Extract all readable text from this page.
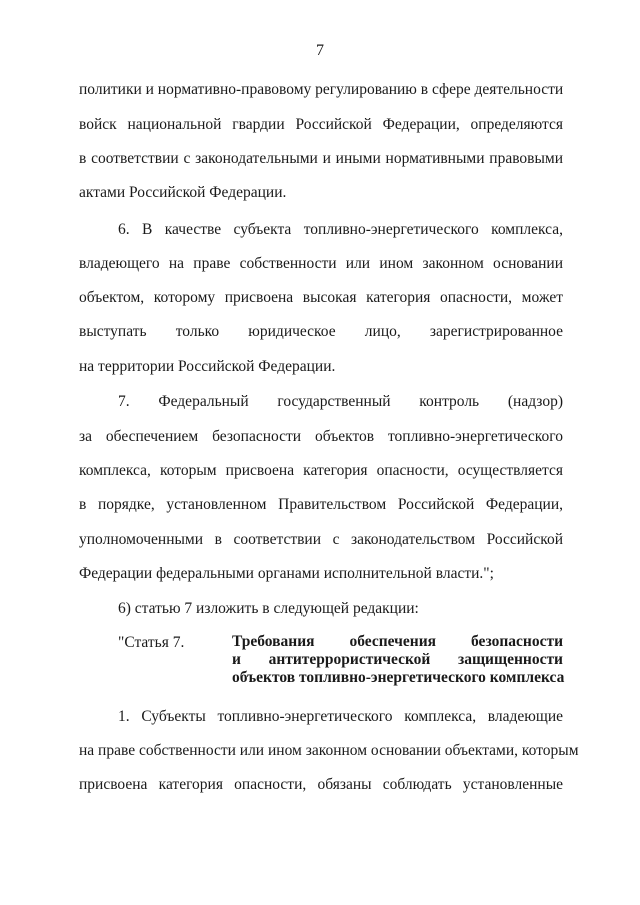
7
политики и нормативно-правовому регулированию в сфере деятельности
войск национальной гвардии Российской Федерации, определяются
в соответствии с законодательными и иными нормативными правовыми
актами Российской Федерации.
6. В качестве субъекта топливно-энергетического комплекса,
владеющего на праве собственности или ином законном основании
объектом, которому присвоена высокая категория опасности, может
выступать только юридическое лицо, зарегистрированное
на территории Российской Федерации.
7. Федеральный государственный контроль (надзор)
за обеспечением безопасности объектов топливно-энергетического
комплекса, которым присвоена категория опасности, осуществляется
в порядке, установленном Правительством Российской Федерации,
уполномоченными в соответствии с законодательством Российской
Федерации федеральными органами исполнительной власти.";
6) статью 7 изложить в следующей редакции:
"Статья 7.	Требования обеспечения безопасности
и антитеррористической защищенности
объектов топливно-энергетического комплекса
1. Субъекты топливно-энергетического комплекса, владеющие
на праве собственности или ином законном основании объектами, которым
присвоена категория опасности, обязаны соблюдать установленные
